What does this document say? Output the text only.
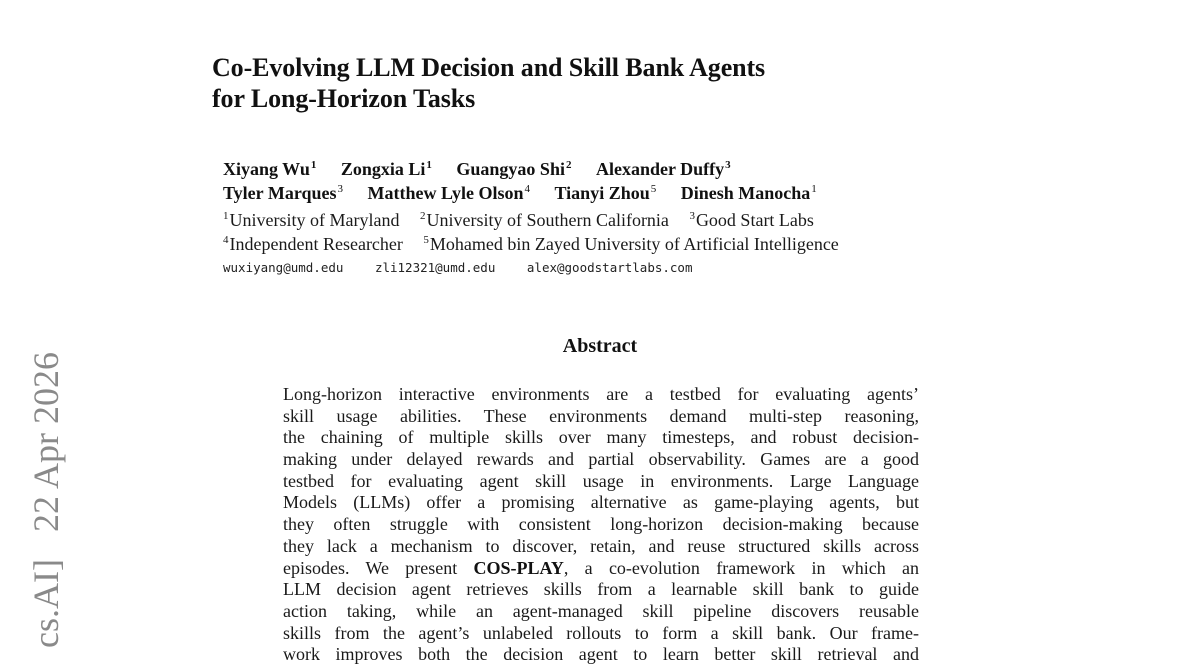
cs.AI] 22 Apr 2026
Co-Evolving LLM Decision and Skill Bank Agents
for Long-Horizon Tasks
Xiyang Wu$^1$ Zongxia Li$^1$ Guangyao Shi$^2$ Alexander Duffy$^3$
Tyler Marques$^3$ Matthew Lyle Olson$^4$ Tianyi Zhou$^5$ Dinesh Manocha$^1$
$^1$University of Maryland $^2$University of Southern California $^3$Good Start Labs
$^4$Independent Researcher $^5$Mohamed bin Zayed University of Artificial Intelligence
wuxiyang@umd.edu	zli12321@umd.edu	alex@goodstartlabs.com
Abstract
Long-horizon interactive environments are a testbed for evaluating agents’
skill usage abilities. These environments demand multi-step reasoning,
the chaining of multiple skills over many timesteps, and robust decision-
making under delayed rewards and partial observability. Games are a good
testbed for evaluating agent skill usage in environments. Large Language
Models (LLMs) offer a promising alternative as game-playing agents, but
they often struggle with consistent long-horizon decision-making because
they lack a mechanism to discover, retain, and reuse structured skills across
episodes. We present COS-PLAY, a co-evolution framework in which an
LLM decision agent retrieves skills from a learnable skill bank to guide
action taking, while an agent-managed skill pipeline discovers reusable
skills from the agent’s unlabeled rollouts to form a skill bank. Our frame-
work improves both the decision agent to learn better skill retrieval and
